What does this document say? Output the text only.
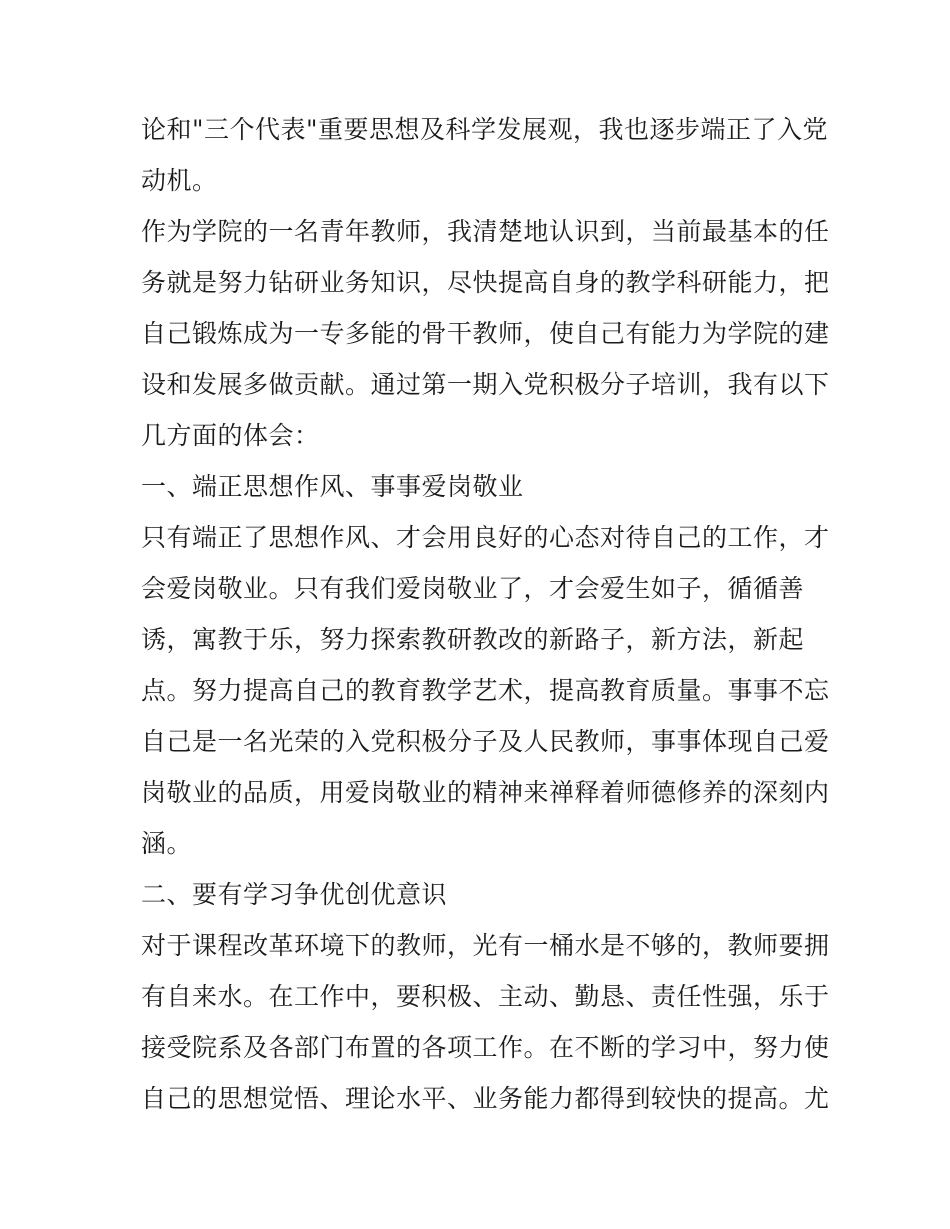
论和"三个代表"重要思想及科学发展观，我也逐步端正了入党
动机。
作为学院的一名青年教师，我清楚地认识到，当前最基本的任
务就是努力钻研业务知识，尽快提高自身的教学科研能力，把
自己锻炼成为一专多能的骨干教师，使自己有能力为学院的建
设和发展多做贡献。通过第一期入党积极分子培训，我有以下
几方面的体会：
一、端正思想作风、事事爱岗敬业
只有端正了思想作风、才会用良好的心态对待自己的工作，才
会爱岗敬业。只有我们爱岗敬业了，才会爱生如子，循循善
诱，寓教于乐，努力探索教研教改的新路子，新方法，新起
点。努力提高自己的教育教学艺术，提高教育质量。事事不忘
自己是一名光荣的入党积极分子及人民教师，事事体现自己爱
岗敬业的品质，用爱岗敬业的精神来禅释着师德修养的深刻内
涵。
二、要有学习争优创优意识
对于课程改革环境下的教师，光有一桶水是不够的，教师要拥
有自来水。在工作中，要积极、主动、勤恳、责任性强，乐于
接受院系及各部门布置的各项工作。在不断的学习中，努力使
自己的思想觉悟、理论水平、业务能力都得到较快的提高。尤
